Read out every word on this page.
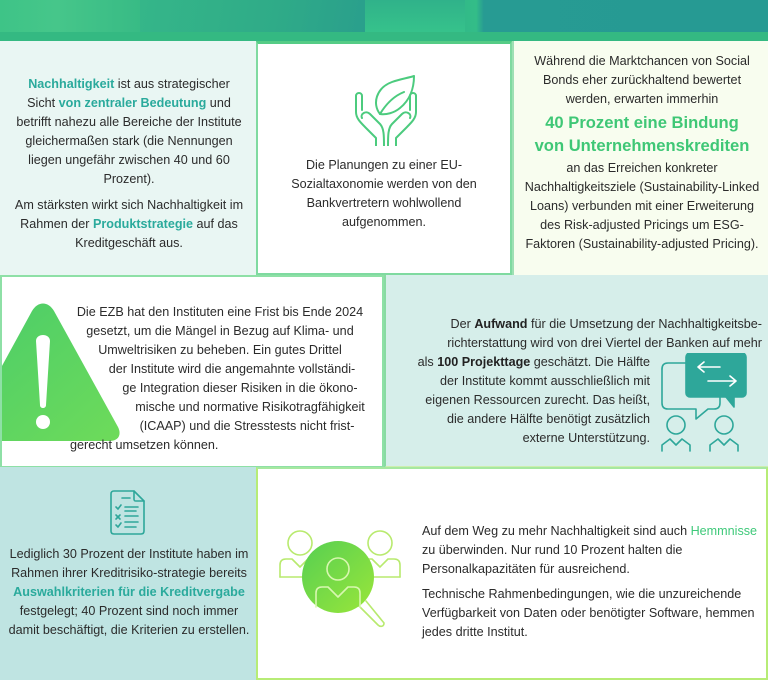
Nachhaltigkeit ist aus strategischer Sicht von zentraler Bedeutung und betrifft nahezu alle Bereiche der Institute gleichermaßen stark (die Nennungen liegen ungefähr zwischen 40 und 60 Prozent).

Am stärksten wirkt sich Nachhaltigkeit im Rahmen der Produktstrategie auf das Kreditgeschäft aus.

Die Planungen zu einer EU-Sozialtaxonomie werden von den Bankvertretern wohlwollend aufgenommen.

Während die Marktchancen von Social Bonds eher zurückhaltend bewertet werden, erwarten immerhin

40 Prozent eine Bindung
von Unternehmenskrediten

an das Erreichen konkreter Nachhaltigkeitsziele (Sustainability-Linked Loans) verbunden mit einer Erweiterung des Risk-adjusted Pricings um ESG-Faktoren (Sustainability-adjusted Pricing).

Die EZB hat den Instituten eine Frist bis Ende 2024
gesetzt, um die Mängel in Bezug auf Klima- und
Umweltrisiken zu beheben. Ein gutes Drittel
der Institute wird die angemahnte vollständi-
ge Integration dieser Risiken in die ökono-
mische und normative Risikotragfähigkeit
(ICAAP) und die Stresstests nicht frist-
gerecht umsetzen können.
Der Aufwand für die Umsetzung der Nachhaltigkeitsbe-
richterstattung wird von drei Viertel der Banken auf mehr
als 100 Projekttage geschätzt. Die Hälfte
der Institute kommt ausschließlich mit
eigenen Ressourcen zurecht. Das heißt,
die andere Hälfte benötigt zusätzlich
externe Unterstützung.

Lediglich 30 Prozent der Institute haben im Rahmen ihrer Kreditrisiko-strategie bereits Auswahlkriterien für die Kreditvergabe festgelegt; 40 Prozent sind noch immer damit beschäftigt, die Kriterien zu erstellen.

Auf dem Weg zu mehr Nachhaltigkeit sind auch Hemmnisse zu überwinden. Nur rund 10 Prozent halten die Personalkapazitäten für ausreichend.

Technische Rahmenbedingungen, wie die unzureichende Verfügbarkeit von Daten oder benötigter Software, hemmen jedes dritte Institut.
